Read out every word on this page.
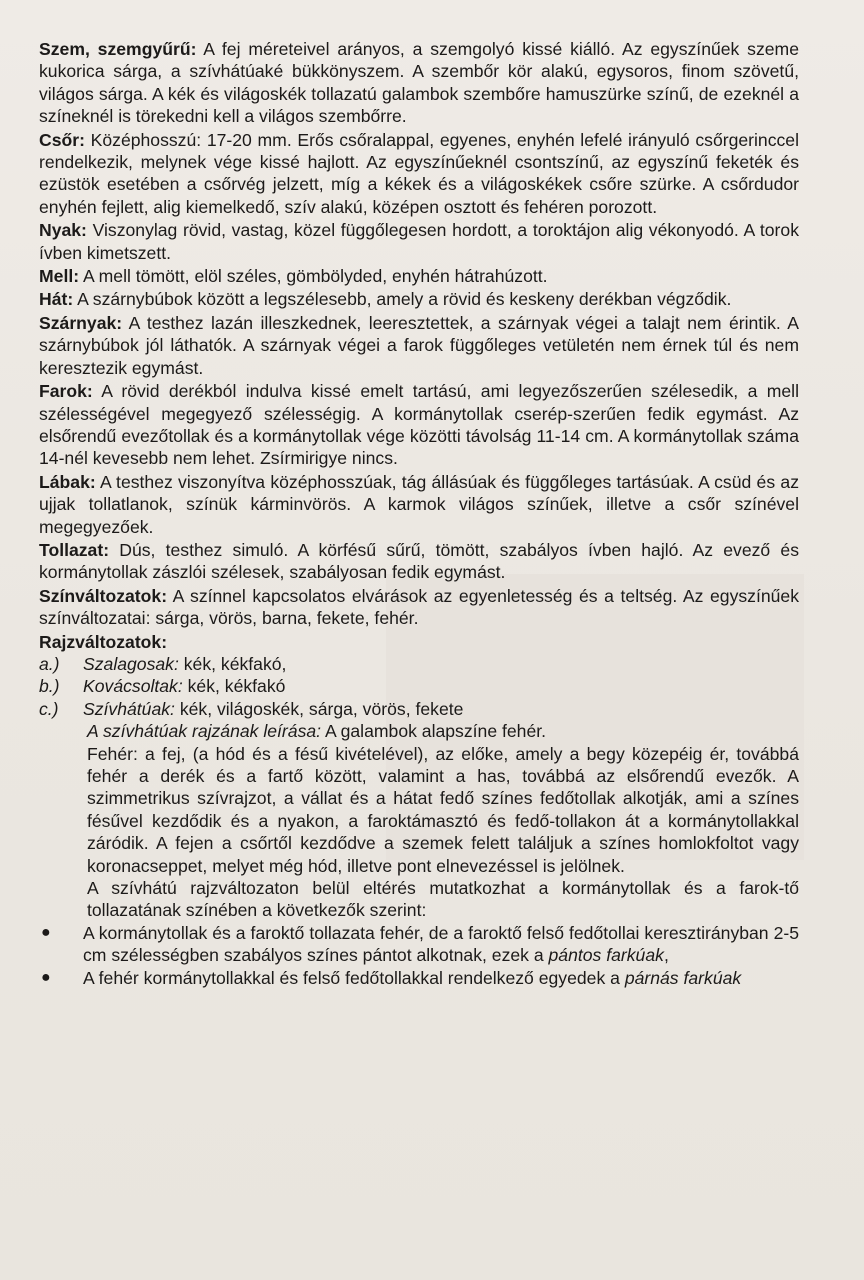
Szem, szemgyűrű: A fej méreteivel arányos, a szemgolyó kissé kiálló. Az egyszínűek szeme kukorica sárga, a szívhátúaké bükkönyszem. A szembőr kör alakú, egysoros, finom szövetű, világos sárga. A kék és világoskék tollazatú galambok szembőre hamuszürke színű, de ezeknél a színeknél is törekedni kell a világos szembőrre.

Csőr: Középhosszú: 17-20 mm. Erős csőralappal, egyenes, enyhén lefelé irányuló csőrgerinccel rendelkezik, melynek vége kissé hajlott. Az egyszínűeknél csontszínű, az egyszínű feketék és ezüstök esetében a csőrvég jelzett, míg a kékek és a világoskékek csőre szürke. A csőrdudor enyhén fejlett, alig kiemelkedő, szív alakú, középen osztott és fehéren porozott.

Nyak: Viszonylag rövid, vastag, közel függőlegesen hordott, a toroktájon alig vékonyodó. A torok ívben kimetszett.

Mell: A mell tömött, elöl széles, gömbölyded, enyhén hátrahúzott.

Hát: A szárnybúbok között a legszélesebb, amely a rövid és keskeny derékban végződik.

Szárnyak: A testhez lazán illeszkednek, leeresztettek, a szárnyak végei a talajt nem érintik. A szárnybúbok jól láthatók. A szárnyak végei a farok függőleges vetületén nem érnek túl és nem keresztezik egymást.

Farok: A rövid derékból indulva kissé emelt tartású, ami legyezőszerűen szélesedik, a mell szélességével megegyező szélességig. A kormánytollak cserép-szerűen fedik egymást. Az elsőrendű evezőtollak és a kormánytollak vége közötti távolság 11-14 cm. A kormánytollak száma 14-nél kevesebb nem lehet. Zsírmirigye nincs.

Lábak: A testhez viszonyítva középhosszúak, tág állásúak és függőleges tartásúak. A csüd és az ujjak tollatlanok, színük kárminvörös. A karmok világos színűek, illetve a csőr színével megegyezőek.

Tollazat: Dús, testhez simuló. A körfésű sűrű, tömött, szabályos ívben hajló. Az evező és kormánytollak zászlói szélesek, szabályosan fedik egymást.

Színváltozatok: A színnel kapcsolatos elvárások az egyenletesség és a teltség. Az egyszínűek színváltozatai: sárga, vörös, barna, fekete, fehér.

Rajzváltozatok:

a.) Szalagosak: kék, kékfakó,
b.) Kovácsoltak: kék, kékfakó
c.) Szívhátúak: kék, világoskék, sárga, vörös, fekete

A szívhátúak rajzának leírása: A galambok alapszíne fehér.

Fehér: a fej, (a hód és a fésű kivételével), az előke, amely a begy közepéig ér, továbbá fehér a derék és a fartő között, valamint a has, továbbá az elsőrendű evezők. A szimmetrikus szívrajzot, a vállat és a hátat fedő színes fedőtollak alkotják, ami a színes fésűvel kezdődik és a nyakon, a faroktámasztó és fedő-tollakon át a kormánytollakkal záródik. A fejen a csőrtől kezdődve a szemek felett találjuk a színes homlokfoltot vagy koronacseppet, melyet még hód, illetve pont elnevezéssel is jelölnek.

A szívhátú rajzváltozaton belül eltérés mutatkozhat a kormánytollak és a farok-tő tollazatának színében a következők szerint:

● A kormánytollak és a faroktő tollazata fehér, de a faroktő felső fedőtollai keresztirányban 2-5 cm szélességben szabályos színes pántot alkotnak, ezek a pántos farkúak,
● A fehér kormánytollakkal és felső fedőtollakkal rendelkező egyedek a párnás farkúak
